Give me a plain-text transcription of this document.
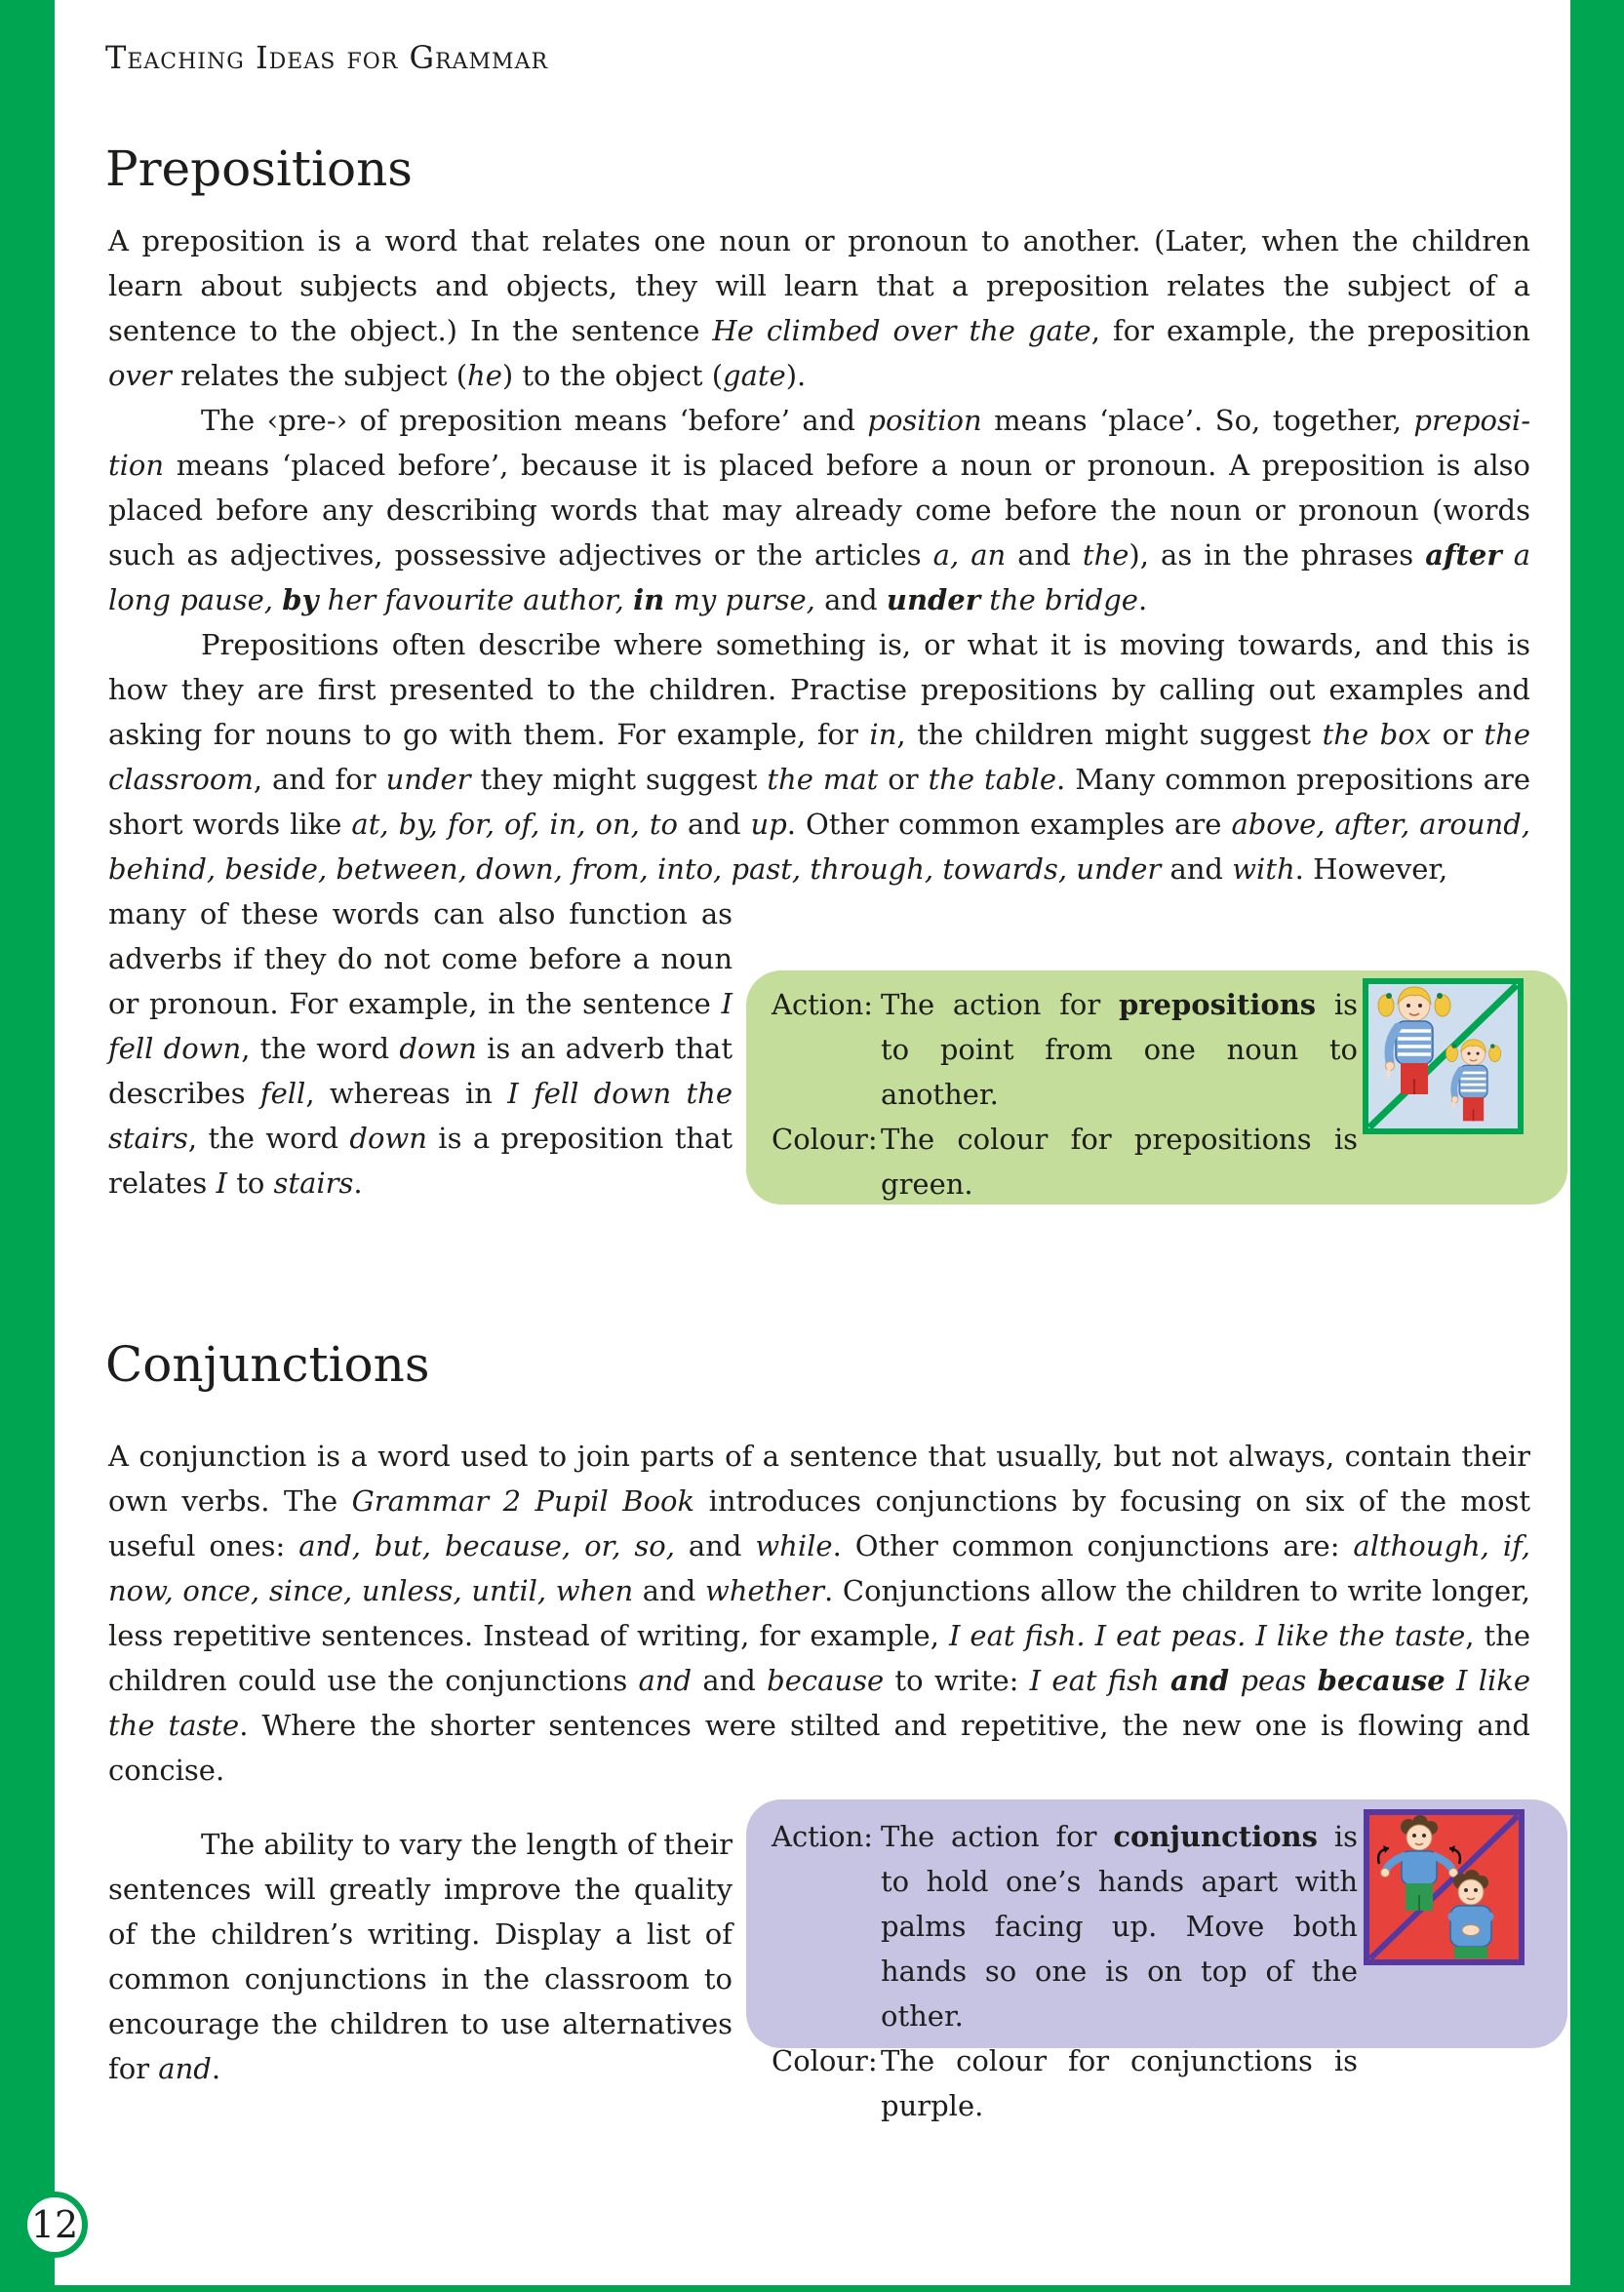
Teaching Ideas for Grammar
Prepositions

A preposition is a word that relates one noun or pronoun to another. (Later, when the children learn about subjects and objects, they will learn that a preposition relates the subject of a sentence to the object.) In the sentence He climbed over the gate, for example, the preposition over relates the subject (he) to the object (gate).

The ‹pre-› of preposition means ‘before’ and position means ‘place’. So, together, preposition means ‘placed before’, because it is placed before a noun or pronoun. A preposition is also placed before any describing words that may already come before the noun or pronoun (words such as adjectives, possessive adjectives or the articles a, an and the), as in the phrases after a long pause, by her favourite author, in my purse, and under the bridge.

Prepositions often describe where something is, or what it is moving towards, and this is how they are first presented to the children. Practise prepositions by calling out examples and asking for nouns to go with them. For example, for in, the children might suggest the box or the classroom, and for under they might suggest the mat or the table. Many common prepositions are short words like at, by, for, of, in, on, to and up. Other common examples are above, after, around, behind, beside, between, down, from, into, past, through, towards, under and with. However,

many of these words can also function as adverbs if they do not come before a noun or pronoun. For example, in the sentence I fell down, the word down is an adverb that describes fell, whereas in I fell down the stairs, the word down is a preposition that relates I to stairs.

Action: The action for prepositions is to point from one noun to another.
Colour: The colour for prepositions is green.
Conjunctions

A conjunction is a word used to join parts of a sentence that usually, but not always, contain their own verbs. The Grammar 2 Pupil Book introduces conjunctions by focusing on six of the most useful ones: and, but, because, or, so, and while. Other common conjunctions are: although, if, now, once, since, unless, until, when and whether. Conjunctions allow the children to write longer, less repetitive sentences. Instead of writing, for example, I eat fish. I eat peas. I like the taste, the children could use the conjunctions and and because to write: I eat fish and peas because I like the taste. Where the shorter sentences were stilted and repetitive, the new one is flowing and concise.

The ability to vary the length of their sentences will greatly improve the quality of the children’s writing. Display a list of common conjunctions in the classroom to encourage the children to use alternatives for and.

Action: The action for conjunctions is to hold one’s hands apart with palms facing up. Move both hands so one is on top of the other.
Colour: The colour for conjunctions is purple.
12
